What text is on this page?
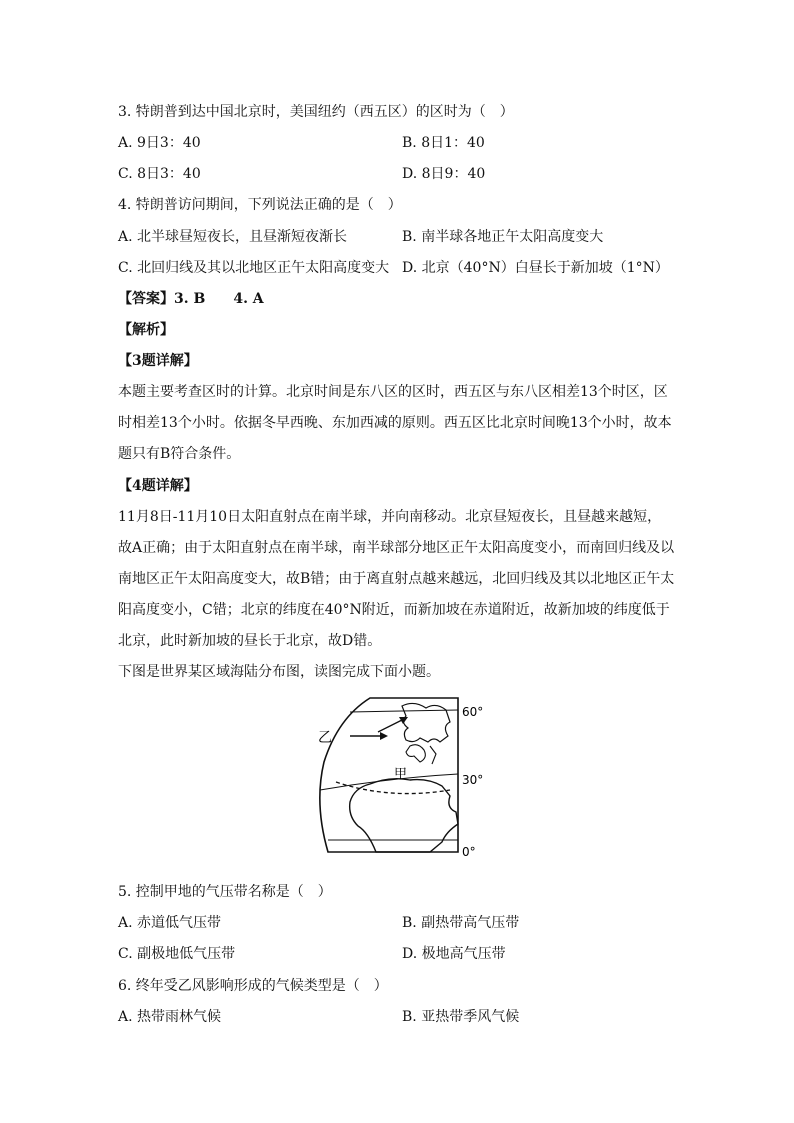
3. 特朗普到达中国北京时，美国纽约（西五区）的区时为（　）
A. 9日3：40	B. 8日1：40
C. 8日3：40	D. 8日9：40
4. 特朗普访问期间，下列说法正确的是（　）
A. 北半球昼短夜长，且昼渐短夜渐长	B. 南半球各地正午太阳高度变大
C. 北回归线及其以北地区正午太阳高度变大 D. 北京（40°N）白昼长于新加坡（1°N）
【答案】3. B　　4. A
【解析】
【3题详解】
本题主要考查区时的计算。北京时间是东八区的区时，西五区与东八区相差13个时区，区
时相差13个小时。依据冬早西晚、东加西减的原则。西五区比北京时间晚13个小时，故本
题只有B符合条件。
【4题详解】
11月8日-11月10日太阳直射点在南半球，并向南移动。北京昼短夜长，且昼越来越短，
故A正确；由于太阳直射点在南半球，南半球部分地区正午太阳高度变小，而南回归线及以
南地区正午太阳高度变大，故B错；由于离直射点越来越远，北回归线及其以北地区正午太
阳高度变小，C错；北京的纬度在40°N附近，而新加坡在赤道附近，故新加坡的纬度低于
北京，此时新加坡的昼长于北京，故D错。
下图是世界某区域海陆分布图，读图完成下面小题。
乙
甲
60°
30°
0°
5. 控制甲地的气压带名称是（　）
A. 赤道低气压带	B. 副热带高气压带
C. 副极地低气压带	D. 极地高气压带
6. 终年受乙风影响形成的气候类型是（　）
A. 热带雨林气候	B. 亚热带季风气候
